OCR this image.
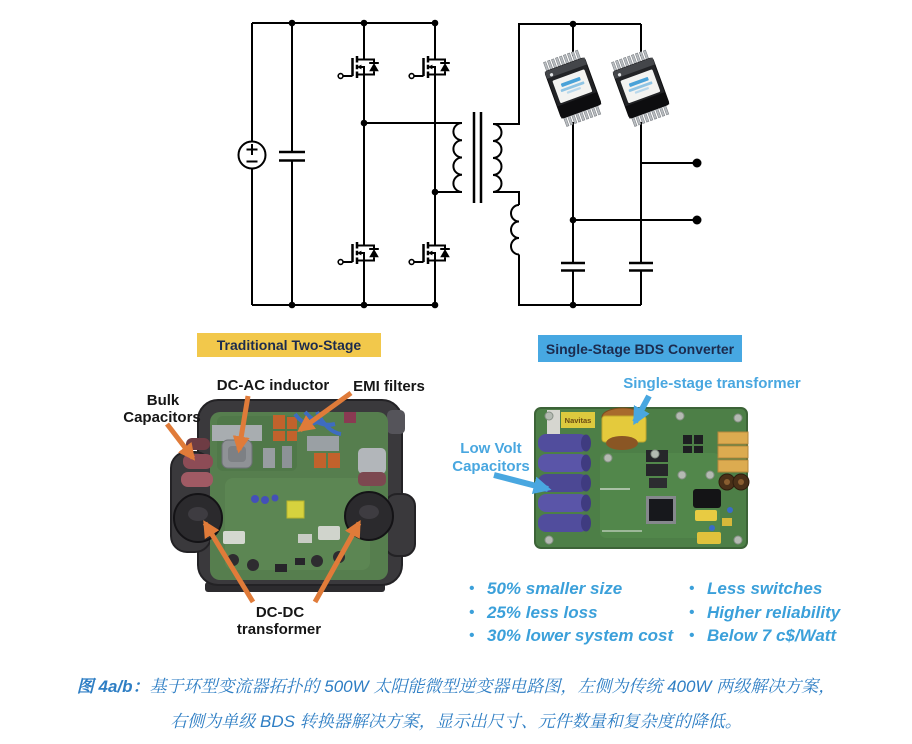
Traditional Two-Stage	Single-Stage BDS Converter
Bulk
Capacitors
DC-AC inductor EMI filters
DC-DC
transformer
Single-stage transformer
Low Volt
Capacitors
Navitas
• 50% smaller size
• 25% less loss
• 30% lower system cost
• Less switches
• Higher reliability
• Below 7 c$/Watt
图 4a/b：基于环型变流器拓扑的 500W 太阳能微型逆变器电路图，左侧为传统 400W 两级解决方案，
右侧为单级 BDS 转换器解决方案，显示出尺寸、元件数量和复杂度的降低。
